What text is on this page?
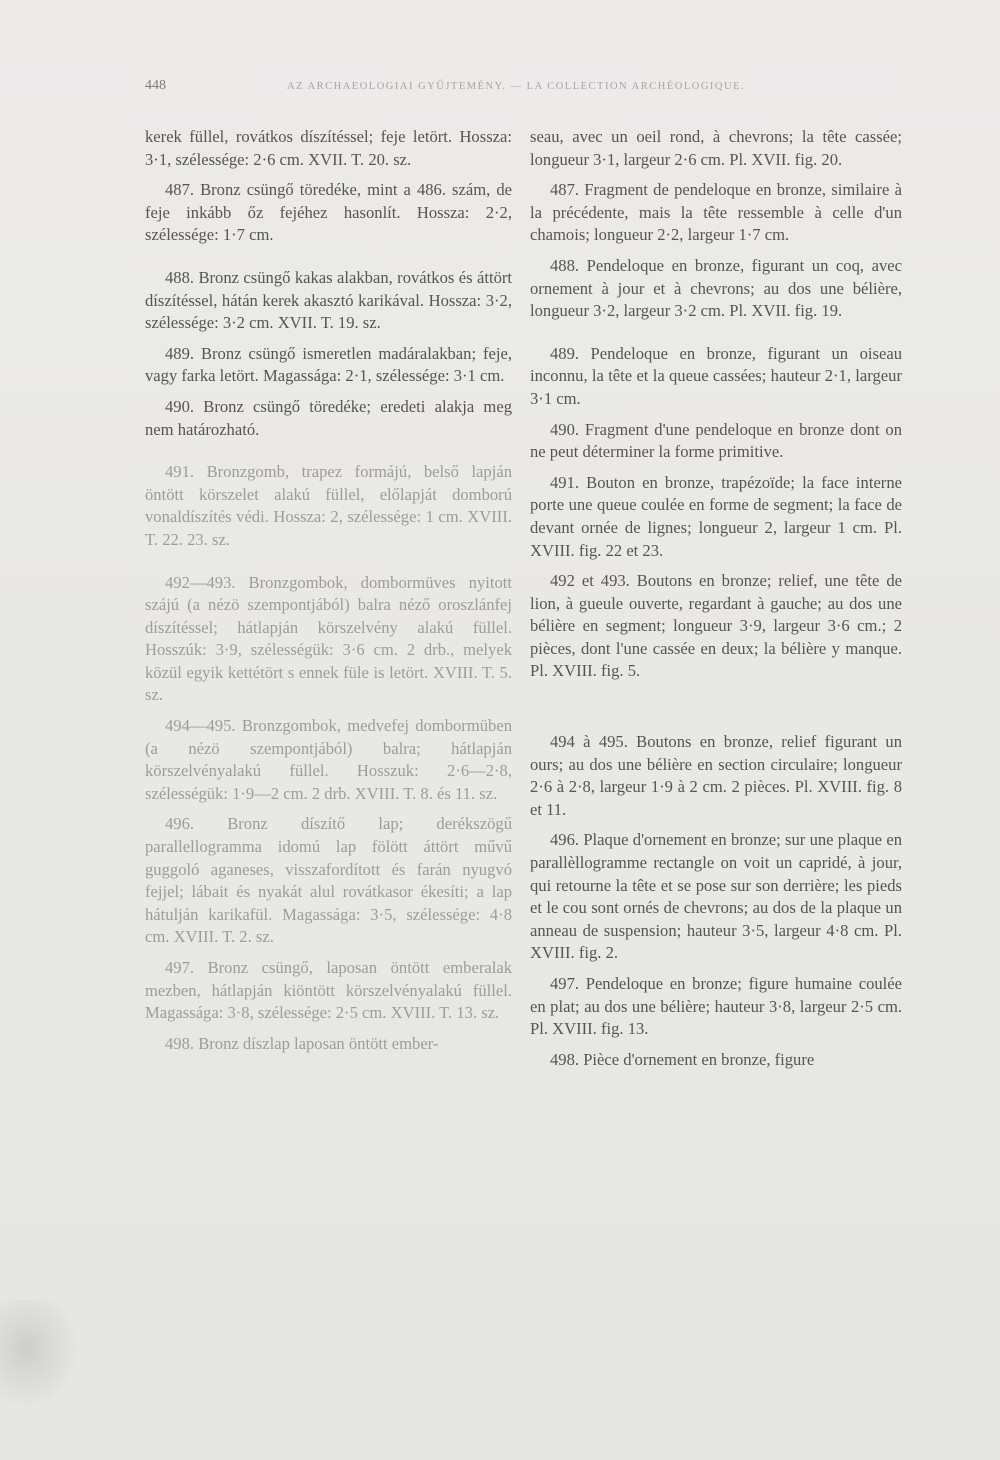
448	AZ ARCHAEOLOGIAI GYŰJTEMÉNY. — LA COLLECTION ARCHÉOLOGIQUE.

kerek füllel, rovátkos díszítéssel; feje letört. Hossza: 3·1, szélessége: 2·6 cm. XVII. T. 20. sz.

487. Bronz csüngő töredéke, mint a 486. szám, de feje inkább őz fejéhez hasonlít. Hossza: 2·2, szélessége: 1·7 cm.

488. Bronz csüngő kakas alakban, rovátkos és áttört díszítéssel, hátán kerek akasztó karikával. Hossza: 3·2, szélessége: 3·2 cm. XVII. T. 19. sz.

489. Bronz csüngő ismeretlen madáralakban; feje, vagy farka letört. Magassága: 2·1, szélessége: 3·1 cm.

490. Bronz csüngő töredéke; eredeti alakja meg nem határozható.

491. Bronzgomb, trapez formájú, belső lapján öntött körszelet alakú füllel, előlapját domború vonaldíszítés védi. Hossza: 2, szélessége: 1 cm. XVIII. T. 22. 23. sz.

492—493. Bronzgombok, dombormüves nyitott szájú (a nézö szempontjából) balra néző oroszlánfej díszítéssel; hátlapján körszelvény alakú füllel. Hosszúk: 3·9, szélességük: 3·6 cm. 2 drb., melyek közül egyik kettétört s ennek füle is letört. XVIII. T. 5. sz.

494—495. Bronzgombok, medvefej dombormüben (a nézö szempontjából) balra; hátlapján körszelvényalakú füllel. Hosszuk: 2·6—2·8, szélességük: 1·9—2 cm. 2 drb. XVIII. T. 8. és 11. sz.

496. Bronz díszítő lap; derékszögű parallellogramma idomú lap fölött áttört művű guggoló aganeses, visszafordított és farán nyugvó fejjel; lábait és nyakát alul rovátkasor ékesíti; a lap hátulján karikafül. Magassága: 3·5, szélessége: 4·8 cm. XVIII. T. 2. sz.

497. Bronz csüngő, laposan öntött emberalak mezben, hátlapján kiöntött körszelvényalakú füllel. Magassága: 3·8, szélessége: 2·5 cm. XVIII. T. 13. sz.

498. Bronz díszlap laposan öntött ember-

seau, avec un oeil rond, à chevrons; la tête cassée; longueur 3·1, largeur 2·6 cm. Pl. XVII. fig. 20.

487. Fragment de pendeloque en bronze, similaire à la précédente, mais la tête ressemble à celle d'un chamois; longueur 2·2, largeur 1·7 cm.

488. Pendeloque en bronze, figurant un coq, avec ornement à jour et à chevrons; au dos une bélière, longueur 3·2, largeur 3·2 cm. Pl. XVII. fig. 19.

489. Pendeloque en bronze, figurant un oiseau inconnu, la tête et la queue cassées; hauteur 2·1, largeur 3·1 cm.

490. Fragment d'une pendeloque en bronze dont on ne peut déterminer la forme primitive.

491. Bouton en bronze, trapézoïde; la face interne porte une queue coulée en forme de segment; la face de devant ornée de lignes; longueur 2, largeur 1 cm. Pl. XVIII. fig. 22 et 23.

492 et 493. Boutons en bronze; relief, une tête de lion, à gueule ouverte, regardant à gauche; au dos une bélière en segment; longueur 3·9, largeur 3·6 cm.; 2 pièces, dont l'une cassée en deux; la bélière y manque. Pl. XVIII. fig. 5.

494 à 495. Boutons en bronze, relief figurant un ours; au dos une bélière en section circulaire; longueur 2·6 à 2·8, largeur 1·9 à 2 cm. 2 pièces. Pl. XVIII. fig. 8 et 11.

496. Plaque d'ornement en bronze; sur une plaque en parallèllogramme rectangle on voit un capridé, à jour, qui retourne la tête et se pose sur son derrière; les pieds et le cou sont ornés de chevrons; au dos de la plaque un anneau de suspension; hauteur 3·5, largeur 4·8 cm. Pl. XVIII. fig. 2.

497. Pendeloque en bronze; figure humaine coulée en plat; au dos une bélière; hauteur 3·8, largeur 2·5 cm. Pl. XVIII. fig. 13.

498. Pièce d'ornement en bronze, figure
